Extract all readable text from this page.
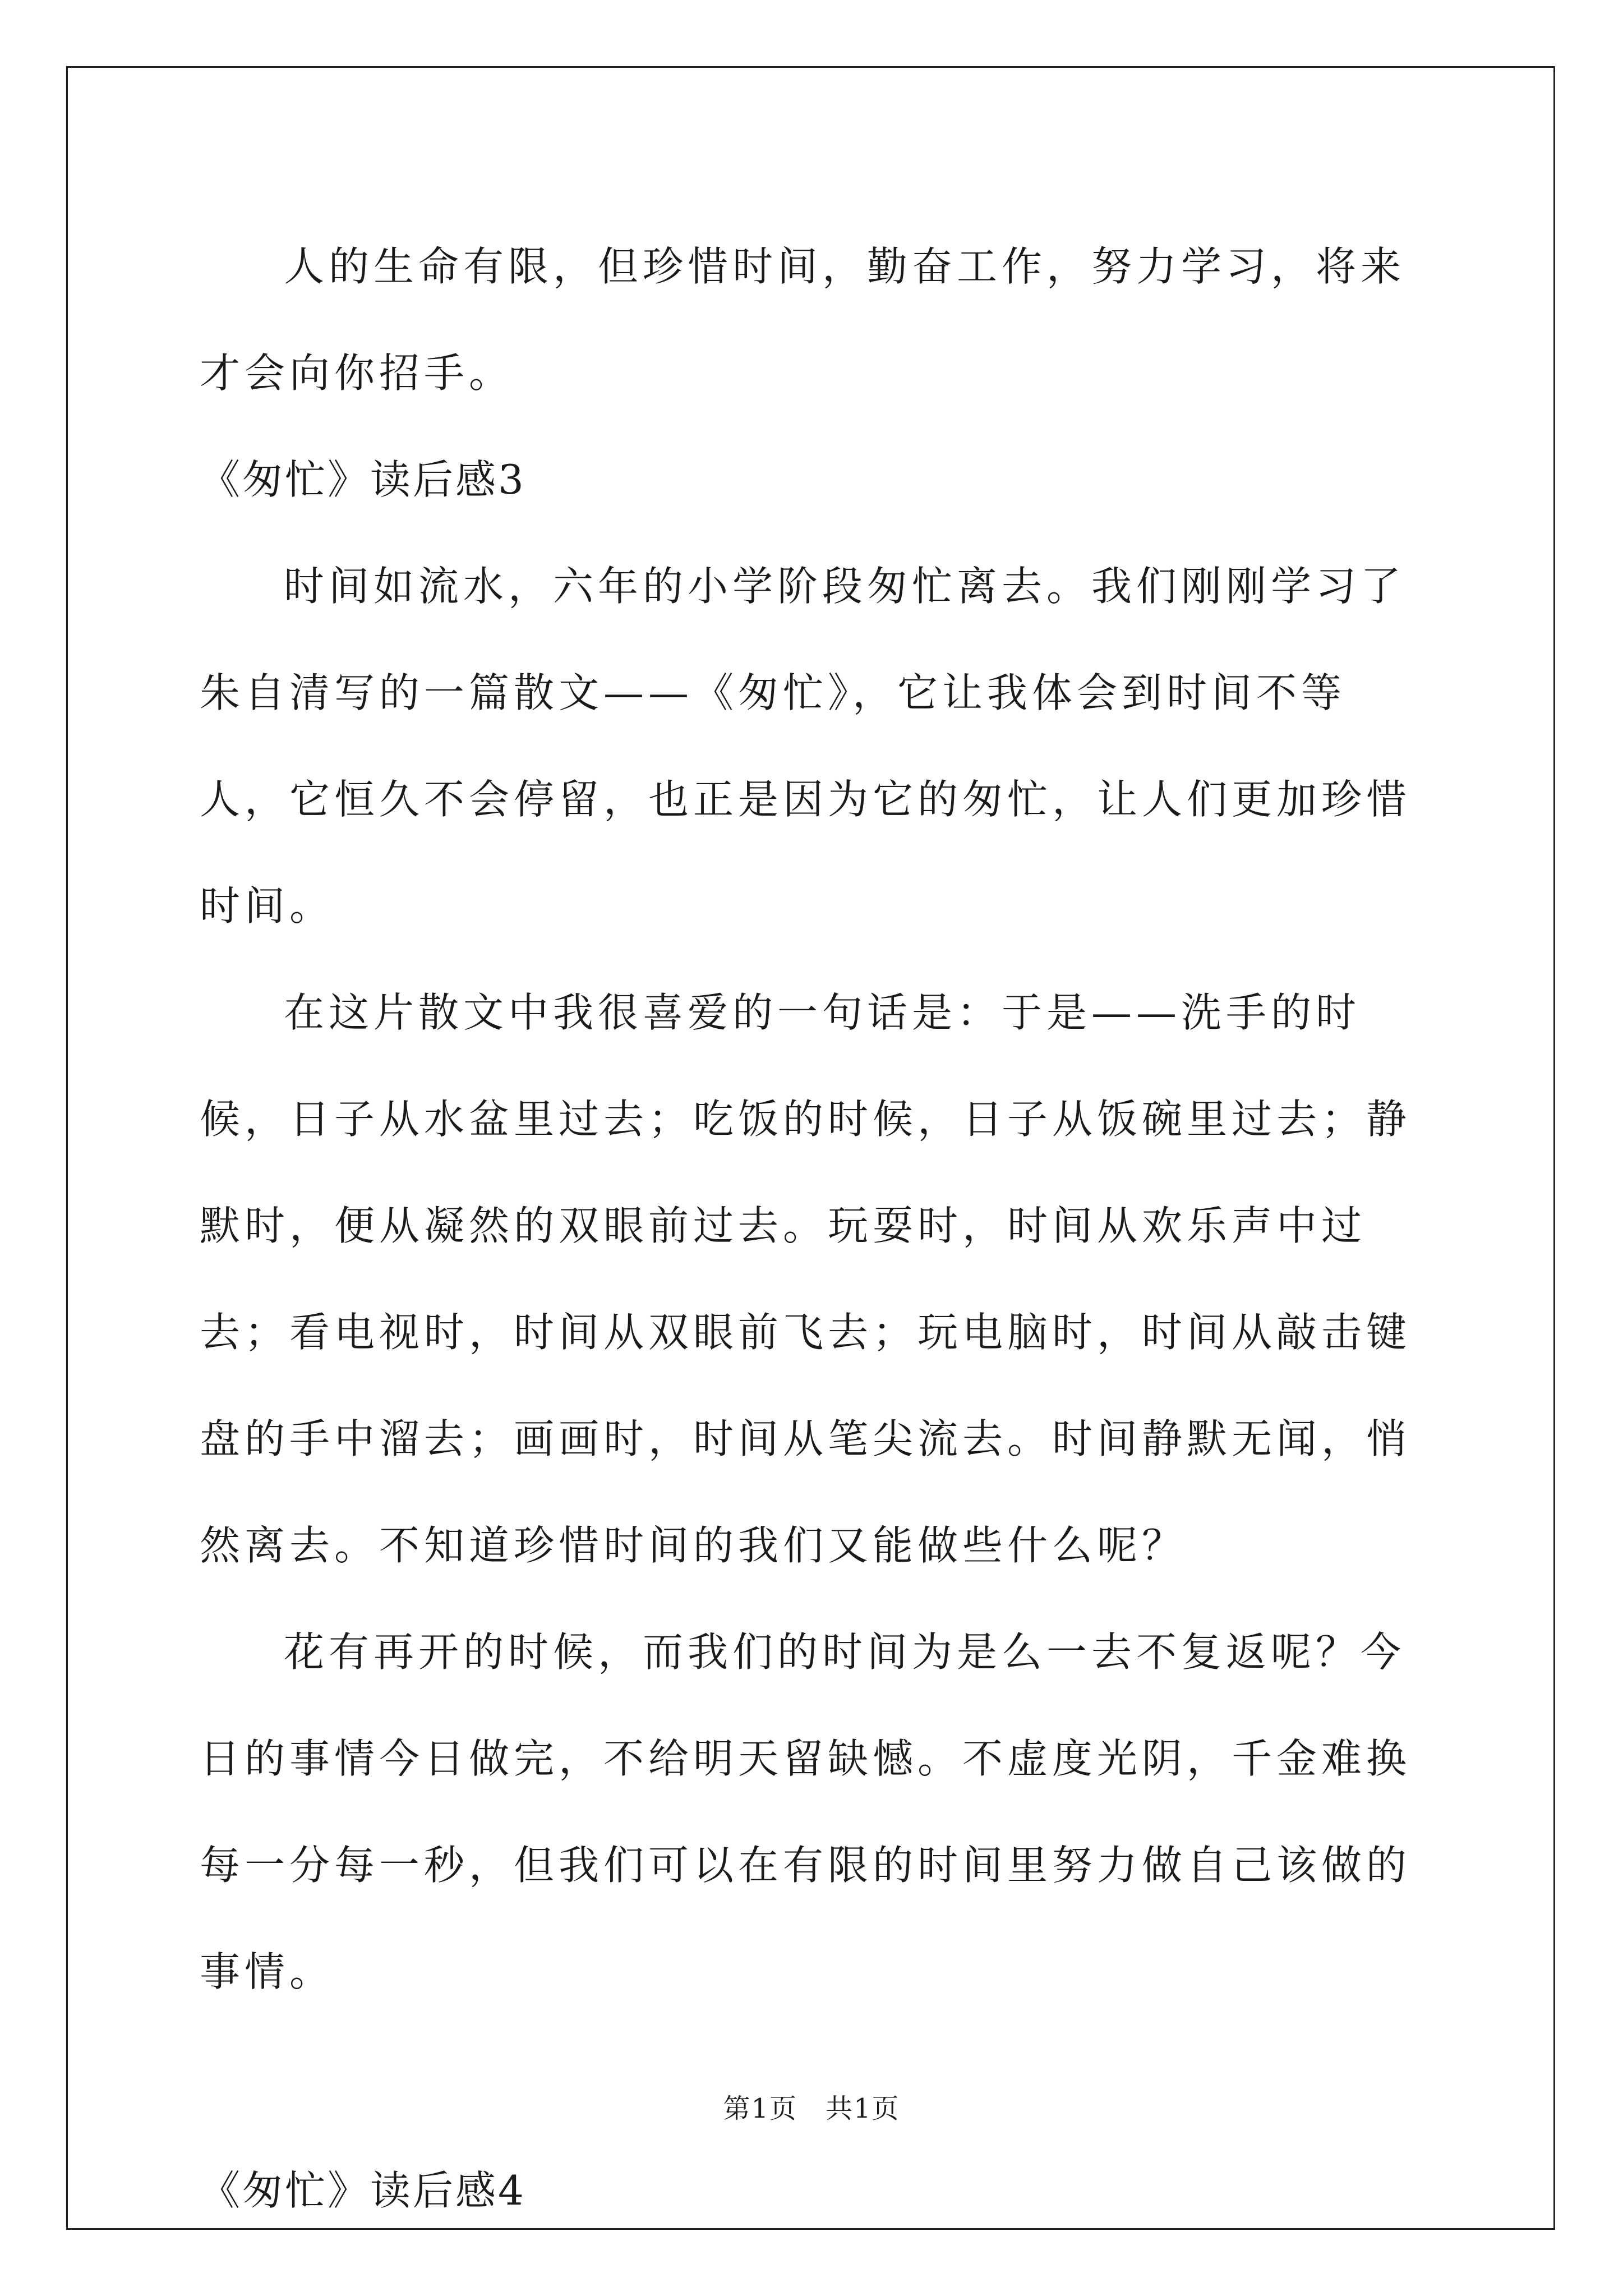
人的生命有限，但珍惜时间，勤奋工作，努力学习，将来才会向你招手。

《匆忙》读后感3

时间如流水，六年的小学阶段匆忙离去。我们刚刚学习了朱自清写的一篇散文——《匆忙》，它让我体会到时间不等人，它恒久不会停留，也正是因为它的匆忙，让人们更加珍惜时间。

在这片散文中我很喜爱的一句话是：于是——洗手的时候，日子从水盆里过去；吃饭的时候，日子从饭碗里过去；静默时，便从凝然的双眼前过去。玩耍时，时间从欢乐声中过去；看电视时，时间从双眼前飞去；玩电脑时，时间从敲击键盘的手中溜去；画画时，时间从笔尖流去。时间静默无闻，悄然离去。不知道珍惜时间的我们又能做些什么呢？

花有再开的时候，而我们的时间为是么一去不复返呢？今日的事情今日做完，不给明天留缺憾。不虚度光阴，千金难换每一分每一秒，但我们可以在有限的时间里努力做自己该做的事情。

《匆忙》读后感4

第1页　共1页
